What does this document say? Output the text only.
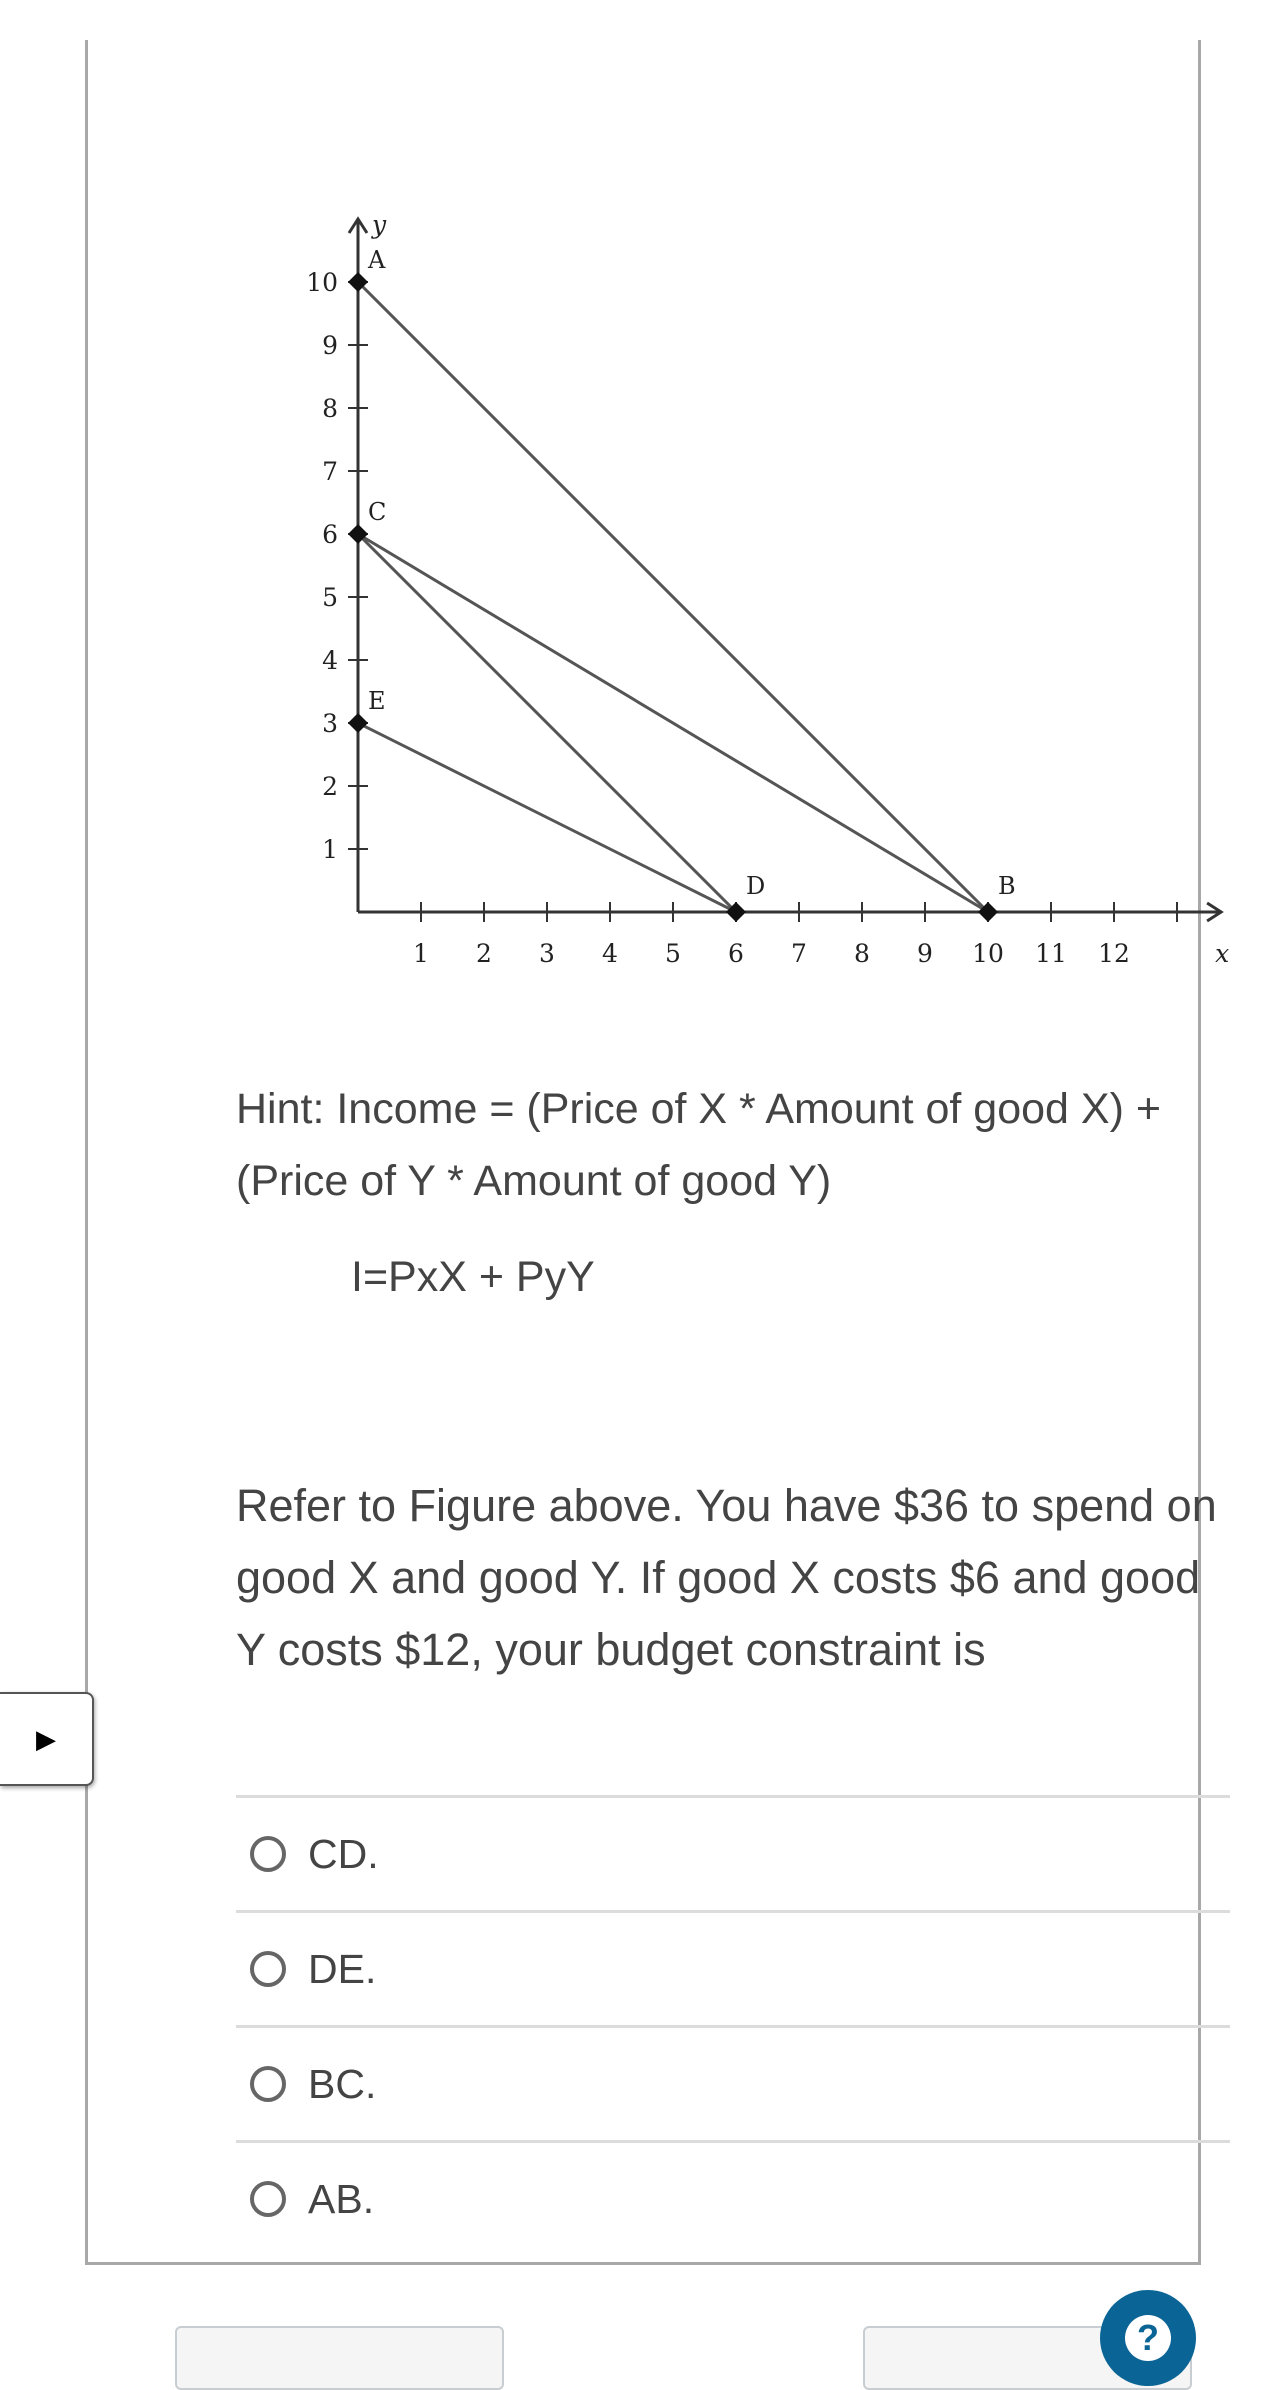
1 2 3 4 5 6 7 8 9 10 11 12
1
2
3
4
5
6
7
8
9
10
x
y
A
C
E
D	B
Hint: Income = (Price of X * Amount of good X) + (Price of Y * Amount of good Y)
I=PxX + PyY
Refer to Figure above. You have $36 to spend on good X and good Y. If good X costs $6 and good Y costs $12, your budget constraint is
CD.
DE.
BC.
AB.
▶
?
